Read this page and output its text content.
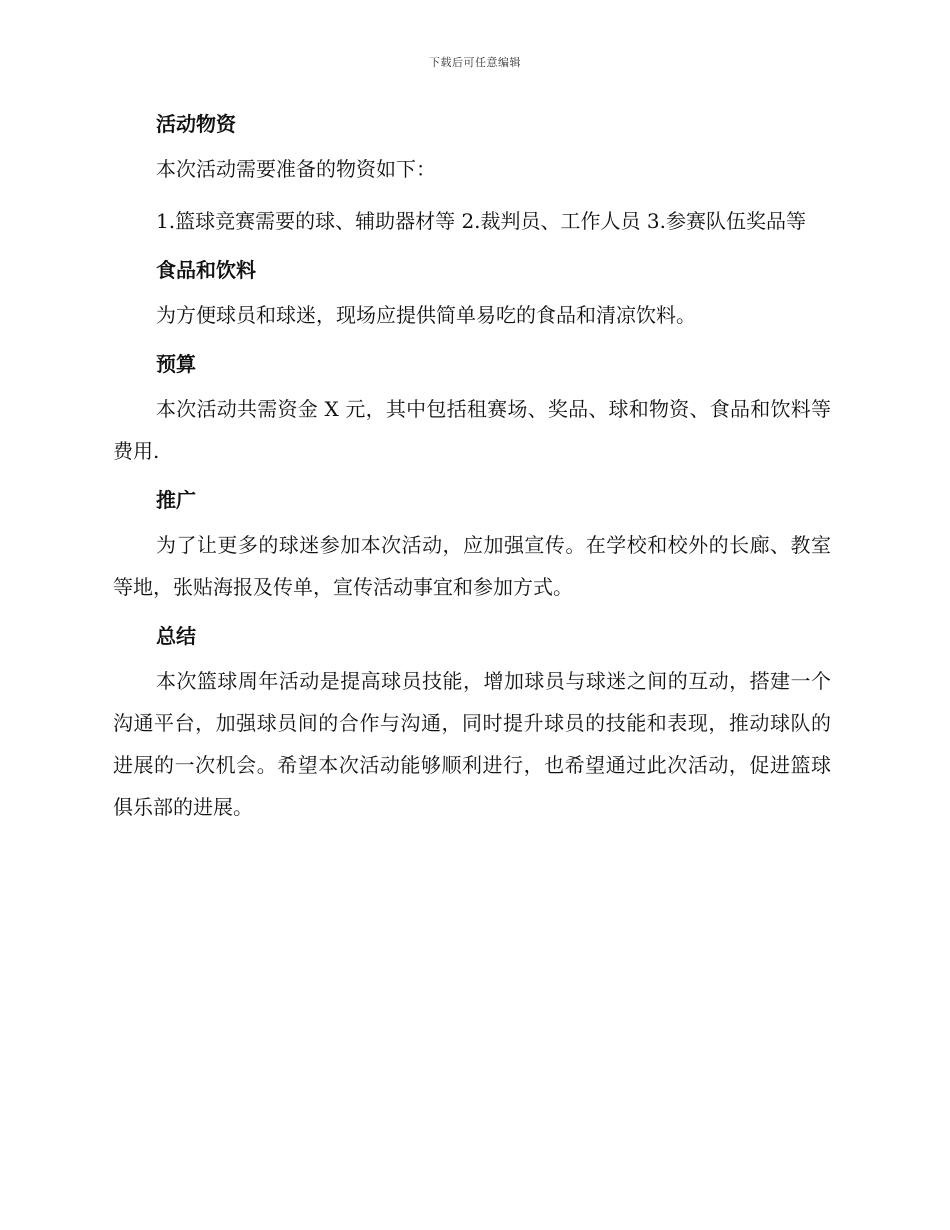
下载后可任意编辑
活动物资

本次活动需要准备的物资如下：

1.篮球竞赛需要的球、辅助器材等 2.裁判员、工作人员 3.参赛队伍奖品等

食品和饮料

为方便球员和球迷，现场应提供简单易吃的食品和清凉饮料。

预算

本次活动共需资金 X 元，其中包括租赛场、奖品、球和物资、食品和饮料等费用.

推广

为了让更多的球迷参加本次活动，应加强宣传。在学校和校外的长廊、教室等地，张贴海报及传单，宣传活动事宜和参加方式。

总结

本次篮球周年活动是提高球员技能，增加球员与球迷之间的互动，搭建一个沟通平台，加强球员间的合作与沟通，同时提升球员的技能和表现，推动球队的进展的一次机会。希望本次活动能够顺利进行，也希望通过此次活动，促进篮球俱乐部的进展。
